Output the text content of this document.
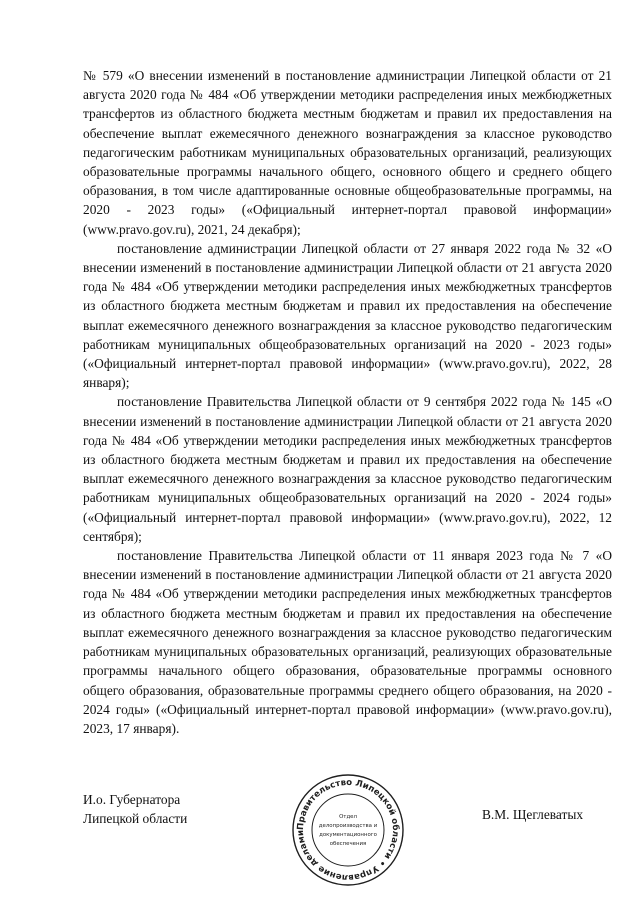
№ 579 «О внесении изменений в постановление администрации Липецкой области от 21 августа 2020 года № 484 «Об утверждении методики распределения иных межбюджетных трансфертов из областного бюджета местным бюджетам и правил их предоставления на обеспечение выплат ежемесячного денежного вознаграждения за классное руководство педагогическим работникам муниципальных образовательных организаций, реализующих образовательные программы начального общего, основного общего и среднего общего образования, в том числе адаптированные основные общеобразовательные программы, на 2020 - 2023 годы» («Официальный интернет-портал правовой информации» (www.pravo.gov.ru), 2021, 24 декабря);

постановление администрации Липецкой области от 27 января 2022 года № 32 «О внесении изменений в постановление администрации Липецкой области от 21 августа 2020 года № 484 «Об утверждении методики распределения иных межбюджетных трансфертов из областного бюджета местным бюджетам и правил их предоставления на обеспечение выплат ежемесячного денежного вознаграждения за классное руководство педагогическим работникам муниципальных общеобразовательных организаций на 2020 - 2023 годы» («Официальный интернет-портал правовой информации» (www.pravo.gov.ru), 2022, 28 января);

постановление Правительства Липецкой области от 9 сентября 2022 года № 145 «О внесении изменений в постановление администрации Липецкой области от 21 августа 2020 года № 484 «Об утверждении методики распределения иных межбюджетных трансфертов из областного бюджета местным бюджетам и правил их предоставления на обеспечение выплат ежемесячного денежного вознаграждения за классное руководство педагогическим работникам муниципальных общеобразовательных организаций на 2020 - 2024 годы» («Официальный интернет-портал правовой информации» (www.pravo.gov.ru), 2022, 12 сентября);

постановление Правительства Липецкой области от 11 января 2023 года № 7 «О внесении изменений в постановление администрации Липецкой области от 21 августа 2020 года № 484 «Об утверждении методики распределения иных межбюджетных трансфертов из областного бюджета местным бюджетам и правил их предоставления на обеспечение выплат ежемесячного денежного вознаграждения за классное руководство педагогическим работникам муниципальных образовательных организаций, реализующих образовательные программы начального общего образования, образовательные программы основного общего образования, образовательные программы среднего общего образования, на 2020 - 2024 годы» («Официальный интернет-портал правовой информации» (www.pravo.gov.ru), 2023, 17 января).

И.о. Губернатора
Липецкой области
Правительство Липецкой области • Управление делами
Отдел
делопроизводства и
документационного
обеспечения
В.М. Щеглеватых
